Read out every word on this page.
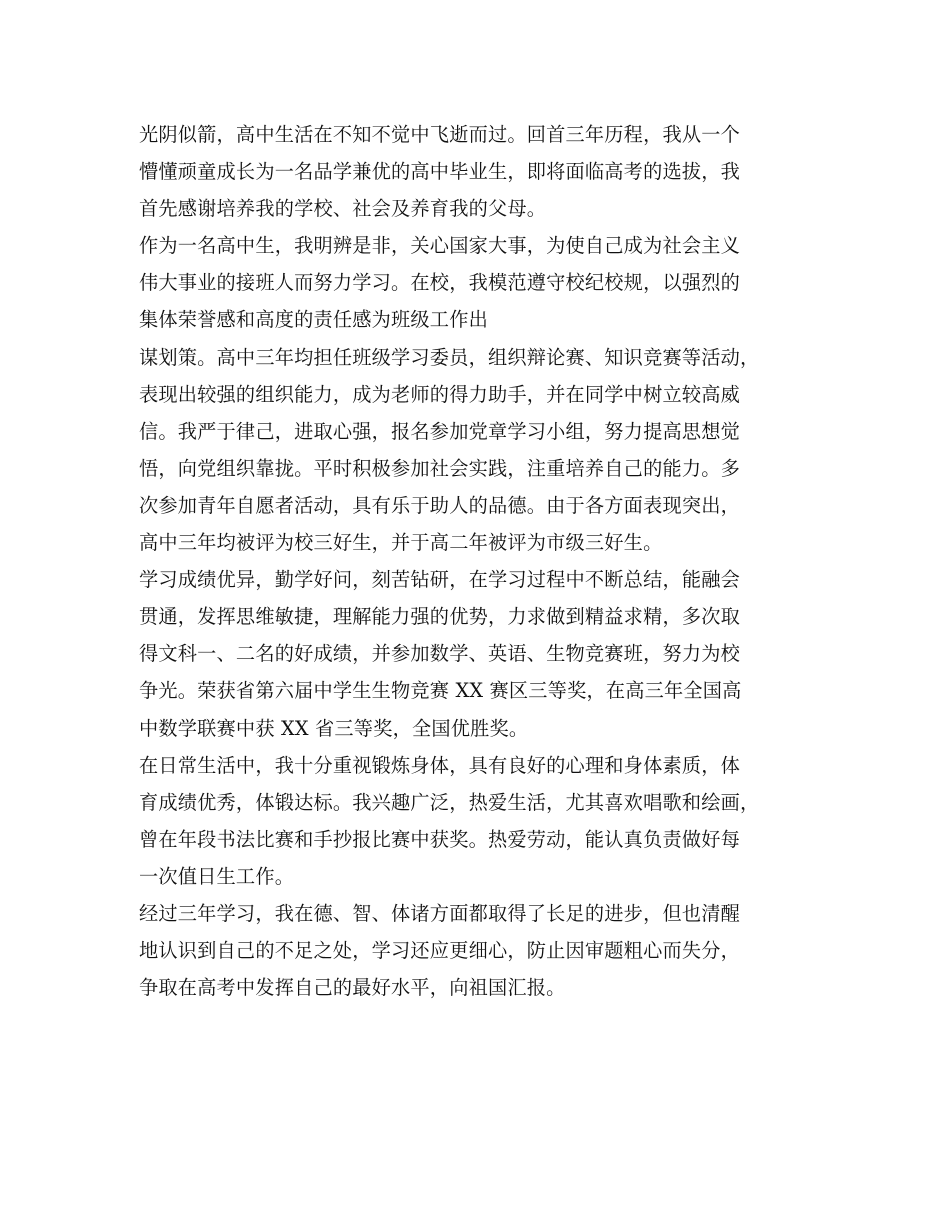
光阴似箭，高中生活在不知不觉中飞逝而过。回首三年历程，我从一个
懵懂顽童成长为一名品学兼优的高中毕业生，即将面临高考的选拔，我
首先感谢培养我的学校、社会及养育我的父母。
作为一名高中生，我明辨是非，关心国家大事，为使自己成为社会主义
伟大事业的接班人而努力学习。在校，我模范遵守校纪校规，以强烈的
集体荣誉感和高度的责任感为班级工作出
谋划策。高中三年均担任班级学习委员，组织辩论赛、知识竞赛等活动，
表现出较强的组织能力，成为老师的得力助手，并在同学中树立较高威
信。我严于律己，进取心强，报名参加党章学习小组，努力提高思想觉
悟，向党组织靠拢。平时积极参加社会实践，注重培养自己的能力。多
次参加青年自愿者活动，具有乐于助人的品德。由于各方面表现突出，
高中三年均被评为校三好生，并于高二年被评为市级三好生。
学习成绩优异，勤学好问，刻苦钻研，在学习过程中不断总结，能融会
贯通，发挥思维敏捷，理解能力强的优势，力求做到精益求精，多次取
得文科一、二名的好成绩，并参加数学、英语、生物竞赛班，努力为校
争光。荣获省第六届中学生生物竞赛 XX 赛区三等奖，在高三年全国高
中数学联赛中获 XX 省三等奖，全国优胜奖。
在日常生活中，我十分重视锻炼身体，具有良好的心理和身体素质，体
育成绩优秀，体锻达标。我兴趣广泛，热爱生活，尤其喜欢唱歌和绘画，
曾在年段书法比赛和手抄报比赛中获奖。热爱劳动，能认真负责做好每
一次值日生工作。
经过三年学习，我在德、智、体诸方面都取得了长足的进步，但也清醒
地认识到自己的不足之处，学习还应更细心，防止因审题粗心而失分，
争取在高考中发挥自己的最好水平，向祖国汇报。
